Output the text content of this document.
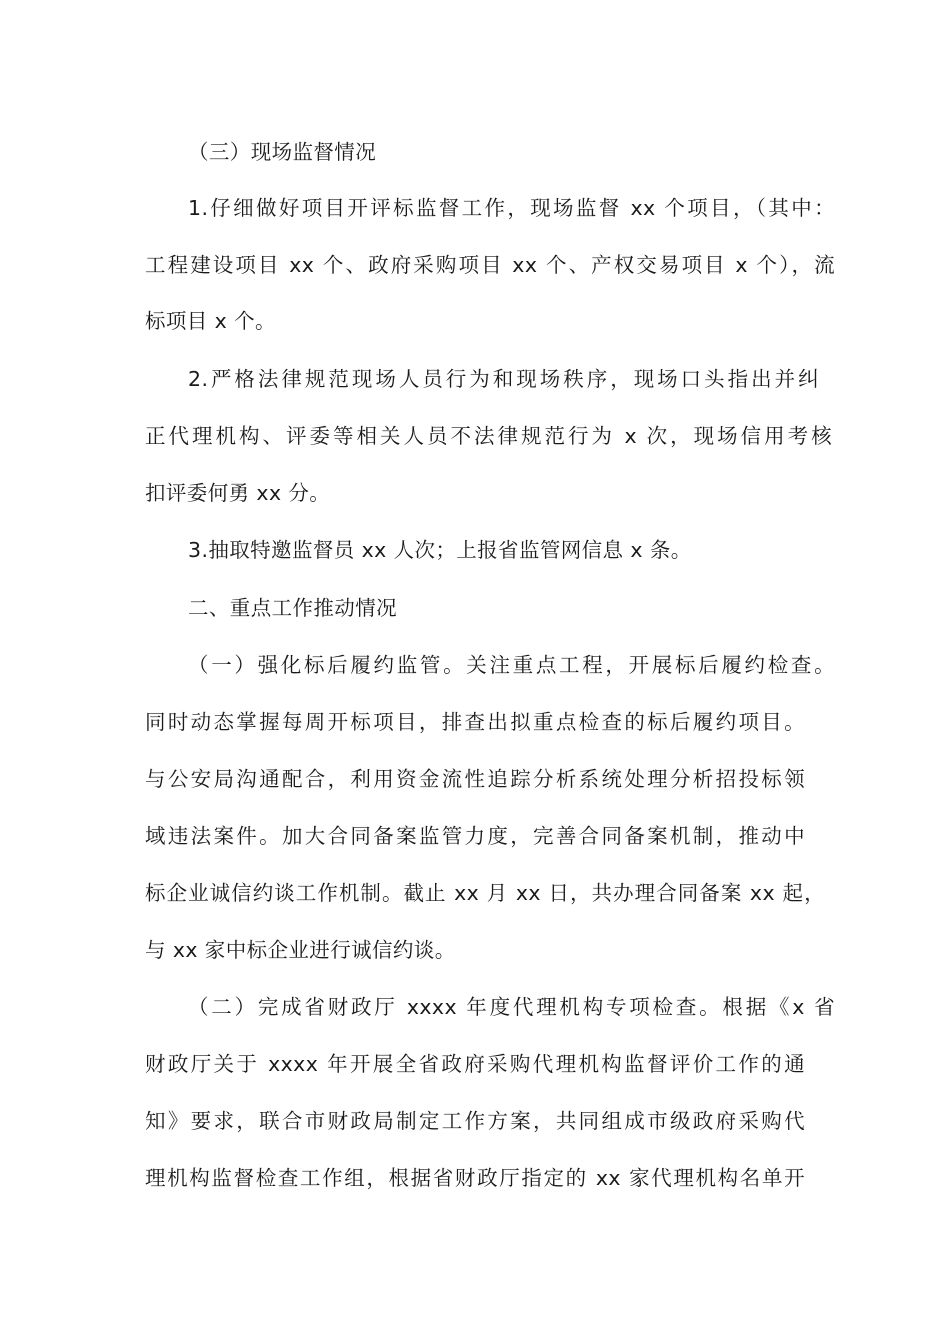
（三）现场监督情况
1.仔细做好项目开评标监督工作，现场监督 xx 个项目，（其中：
工程建设项目 xx 个、政府采购项目 xx 个、产权交易项目 x 个），流
标项目 x 个。
2.严格法律规范现场人员行为和现场秩序，现场口头指出并纠
正代理机构、评委等相关人员不法律规范行为 x 次，现场信用考核
扣评委何勇 xx 分。
3.抽取特邀监督员 xx 人次；上报省监管网信息 x 条。
二、重点工作推动情况
（一）强化标后履约监管。关注重点工程，开展标后履约检查。
同时动态掌握每周开标项目，排查出拟重点检查的标后履约项目。
与公安局沟通配合，利用资金流性追踪分析系统处理分析招投标领
域违法案件。加大合同备案监管力度，完善合同备案机制，推动中
标企业诚信约谈工作机制。截止 xx 月 xx 日，共办理合同备案 xx 起，
与 xx 家中标企业进行诚信约谈。
（二）完成省财政厅 xxxx 年度代理机构专项检查。根据《x 省
财政厅关于 xxxx 年开展全省政府采购代理机构监督评价工作的通
知》要求，联合市财政局制定工作方案，共同组成市级政府采购代
理机构监督检查工作组，根据省财政厅指定的 xx 家代理机构名单开
